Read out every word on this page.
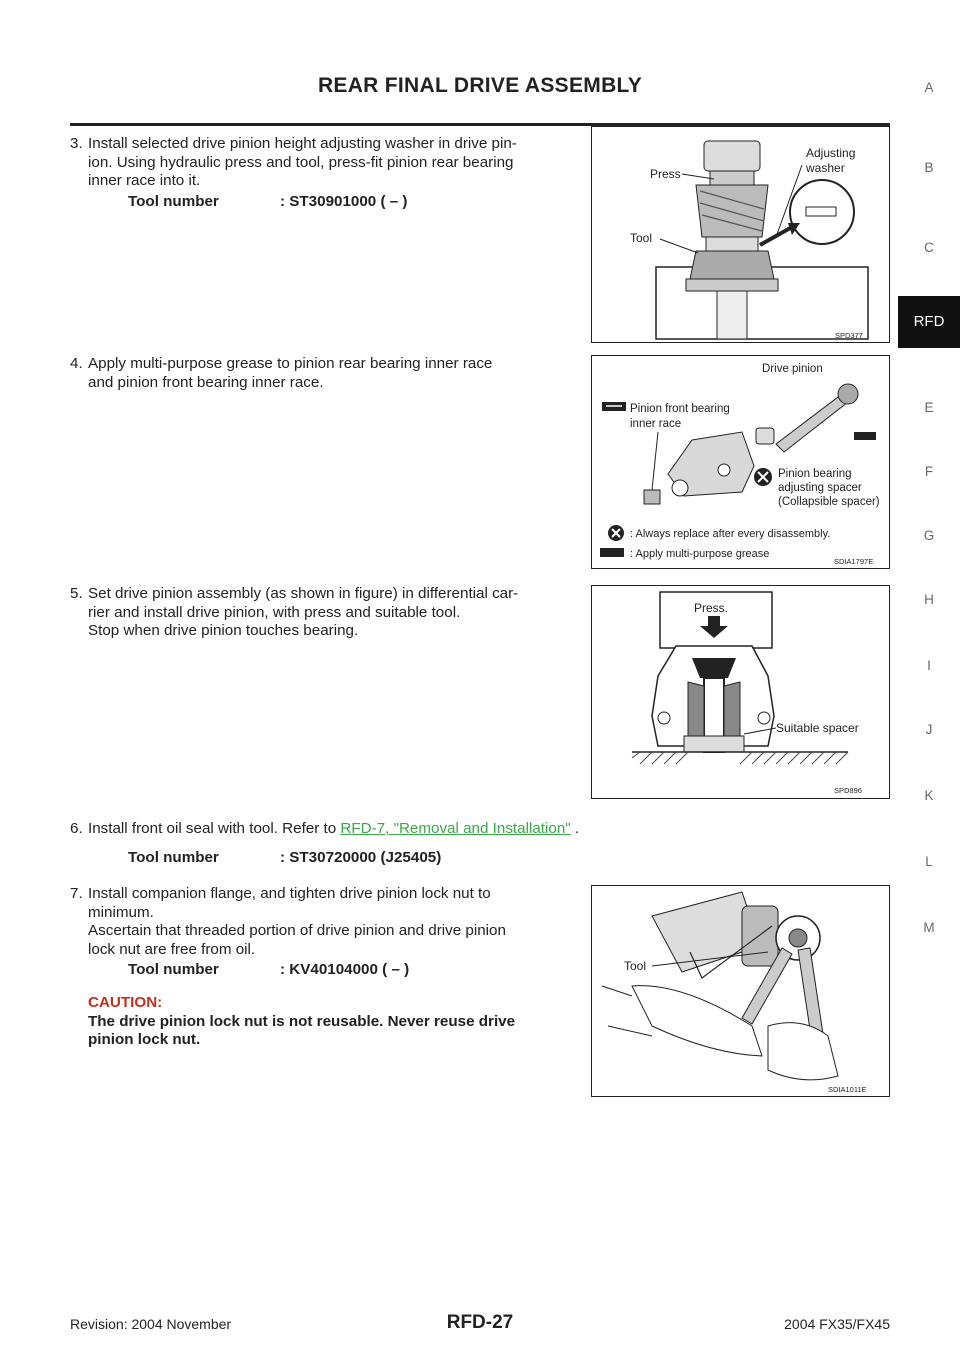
REAR FINAL DRIVE ASSEMBLY	A
B
C
RFD
E
F
G
H
I
J
K
L
M
3. Install selected drive pinion height adjusting washer in drive pin-
ion. Using hydraulic press and tool, press-fit pinion rear bearing
inner race into it.
Tool number	: ST30901000 ( – )
Press
Tool
Adjusting
washer
SPD377
4. Apply multi-purpose grease to pinion rear bearing inner race
and pinion front bearing inner race.
Pinion front bearing
inner race
Drive pinion
Pinion bearing
adjusting spacer
(Collapsible spacer)
: Always replace after every disassembly.
: Apply multi-purpose grease
SDIA1797E
5. Set drive pinion assembly (as shown in figure) in differential car-
rier and install drive pinion, with press and suitable tool.
Stop when drive pinion touches bearing.
Press.
Suitable spacer
SPD896
6. Install front oil seal with tool. Refer to RFD-7, "Removal and Installation" .
Tool number	: ST30720000 (J25405)
7. Install companion flange, and tighten drive pinion lock nut to
minimum.
Ascertain that threaded portion of drive pinion and drive pinion
lock nut are free from oil.
Tool number	: KV40104000 ( – )
CAUTION:
The drive pinion lock nut is not reusable. Never reuse drive
pinion lock nut.
Tool
SDIA1011E
Revision: 2004 November	RFD-27	2004 FX35/FX45
